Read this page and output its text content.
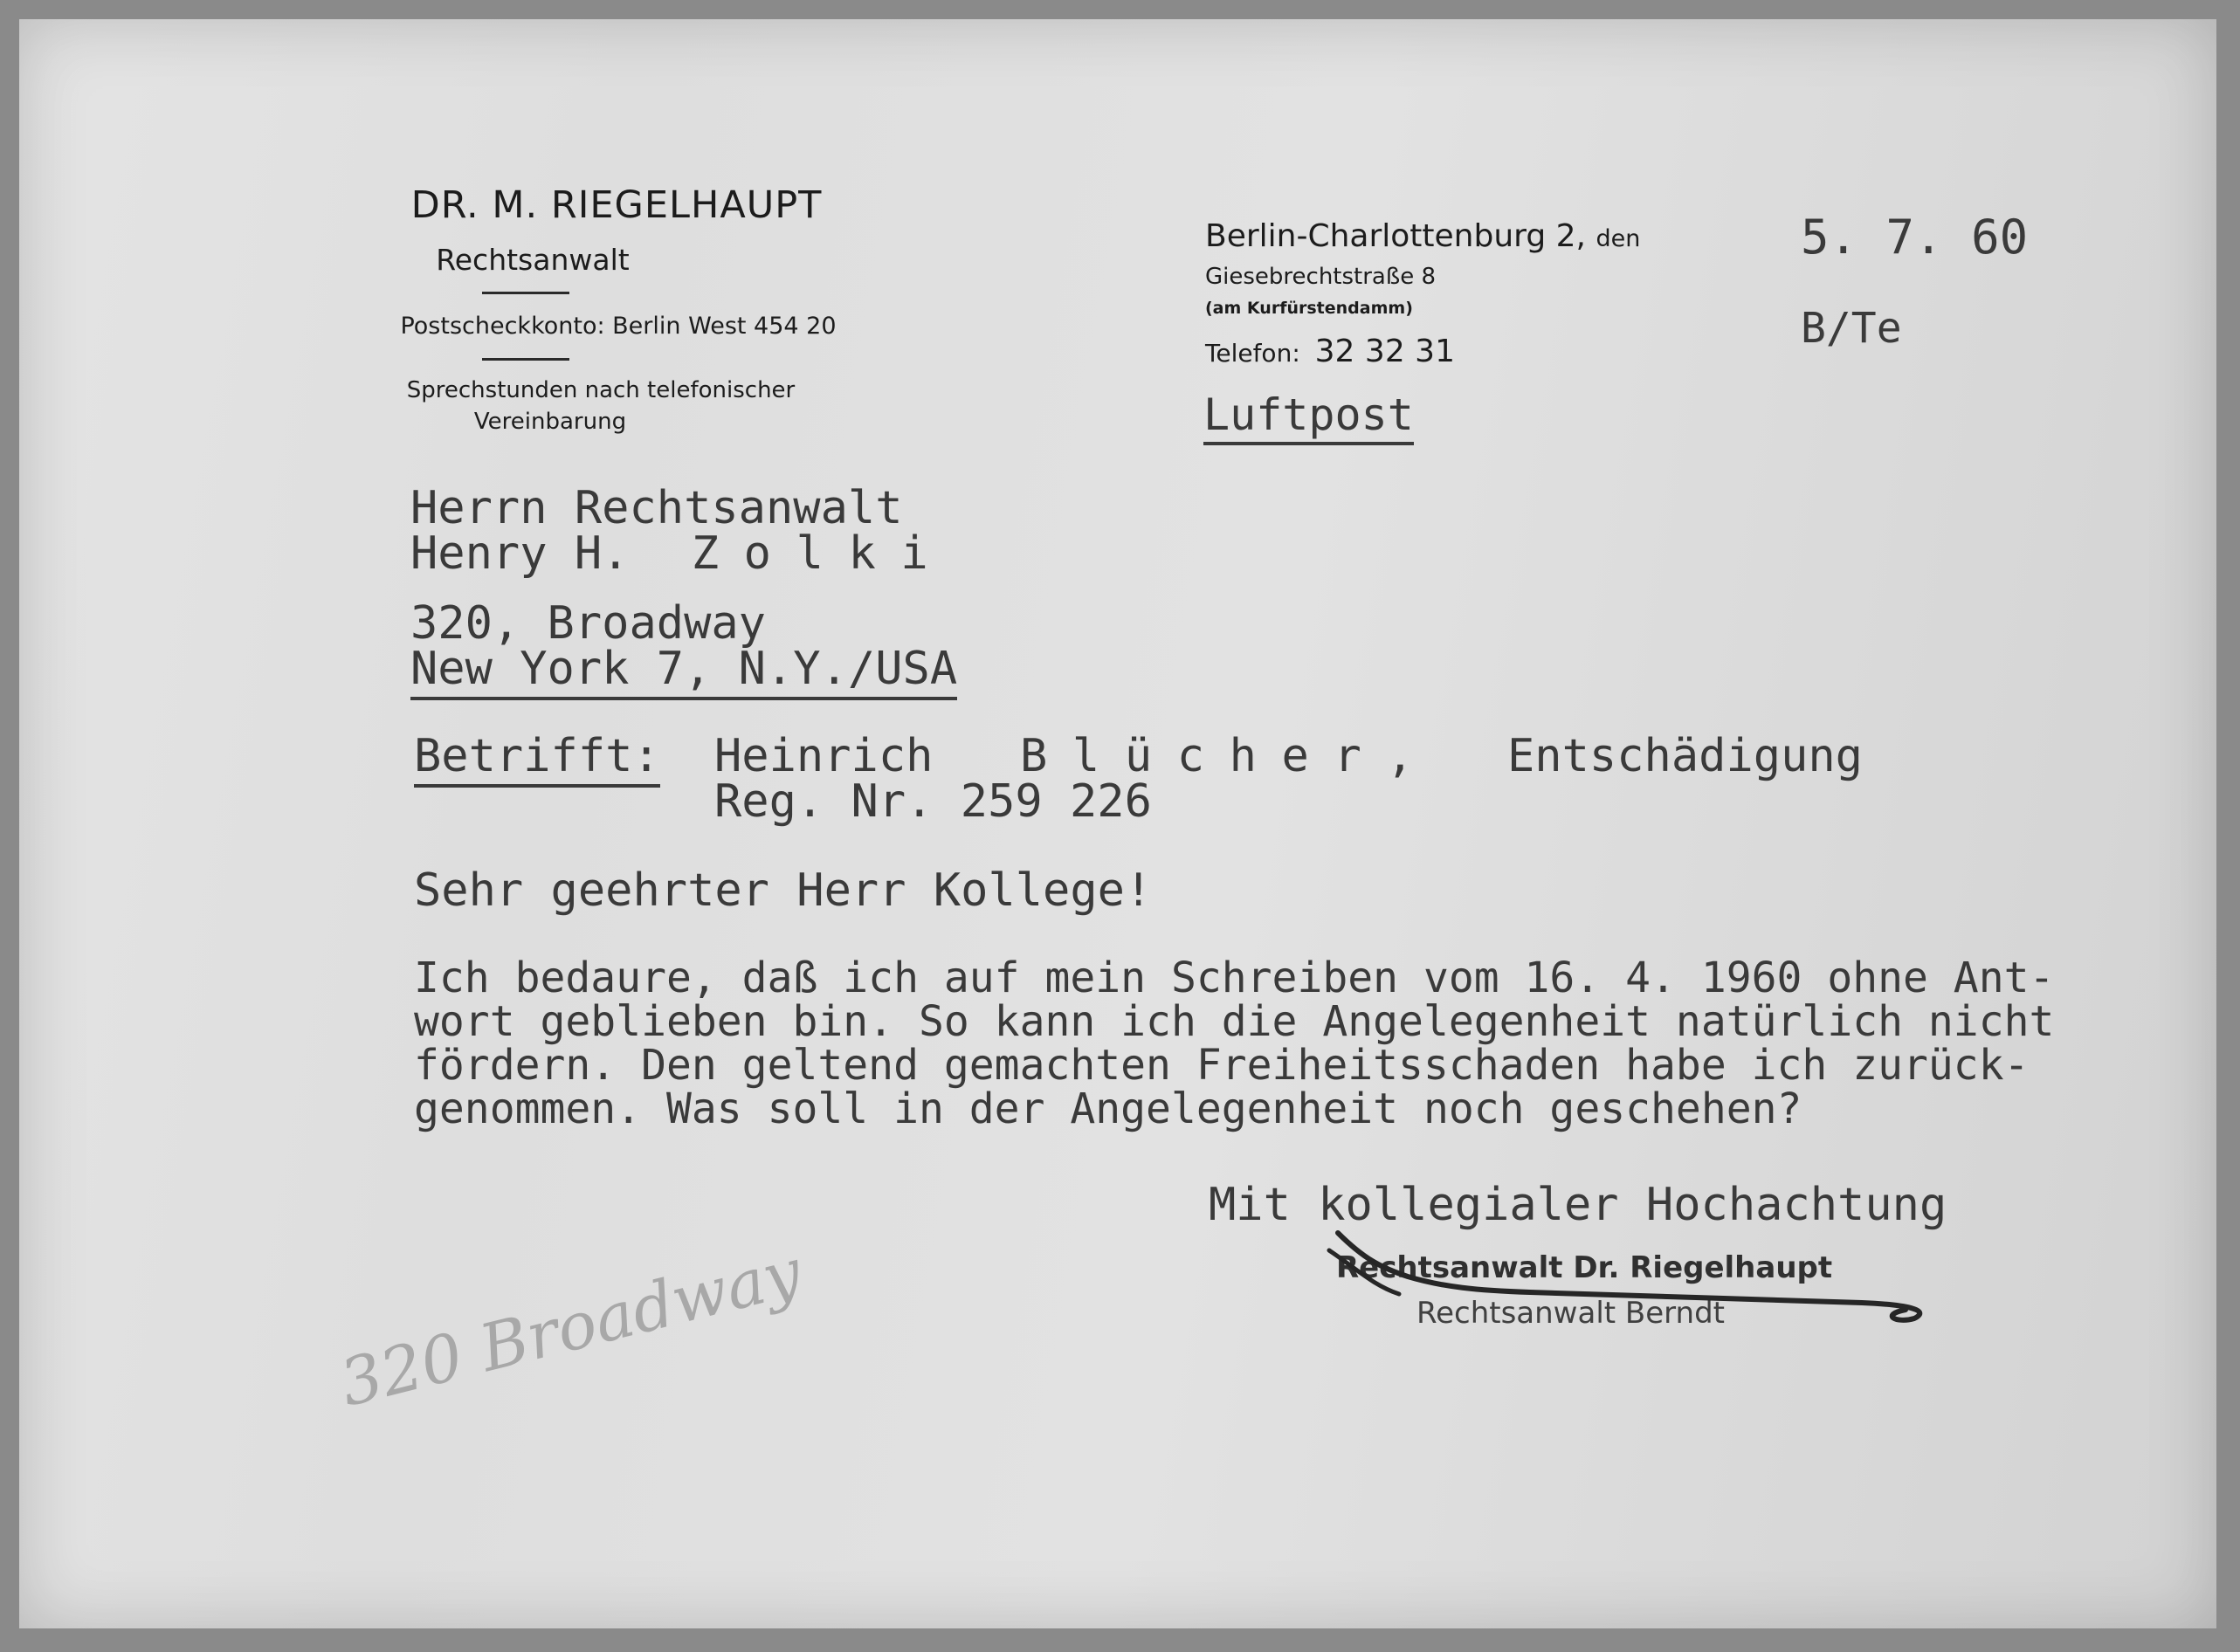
DR. M. RIEGELHAUPT
Rechtsanwalt
Postscheckkonto: Berlin West 454 20
Sprechstunden nach telefonischer
Vereinbarung
Berlin-Charlottenburg 2, den
Giesebrechtstraße 8
(am Kurfürstendamm)
Telefon: 32 32 31
5. 7. 60
B/Te
Luftpost
Herrn Rechtsanwalt
Henry H. Zolki
320, Broadway
New York 7, N.Y./USA
Betrifft: Heinrich Blücher, Entschädigung
Reg. Nr. 259 226
Sehr geehrter Herr Kollege!
Ich bedaure, daß ich auf mein Schreiben vom 16. 4. 1960 ohne Ant-
wort geblieben bin. So kann ich die Angelegenheit natürlich nicht
fördern. Den geltend gemachten Freiheitsschaden habe ich zurück-
genommen. Was soll in der Angelegenheit noch geschehen?
Mit kollegialer Hochachtung
Rechtsanwalt Dr. Riegelhaupt
Rechtsanwalt Berndt
320 Broadway
